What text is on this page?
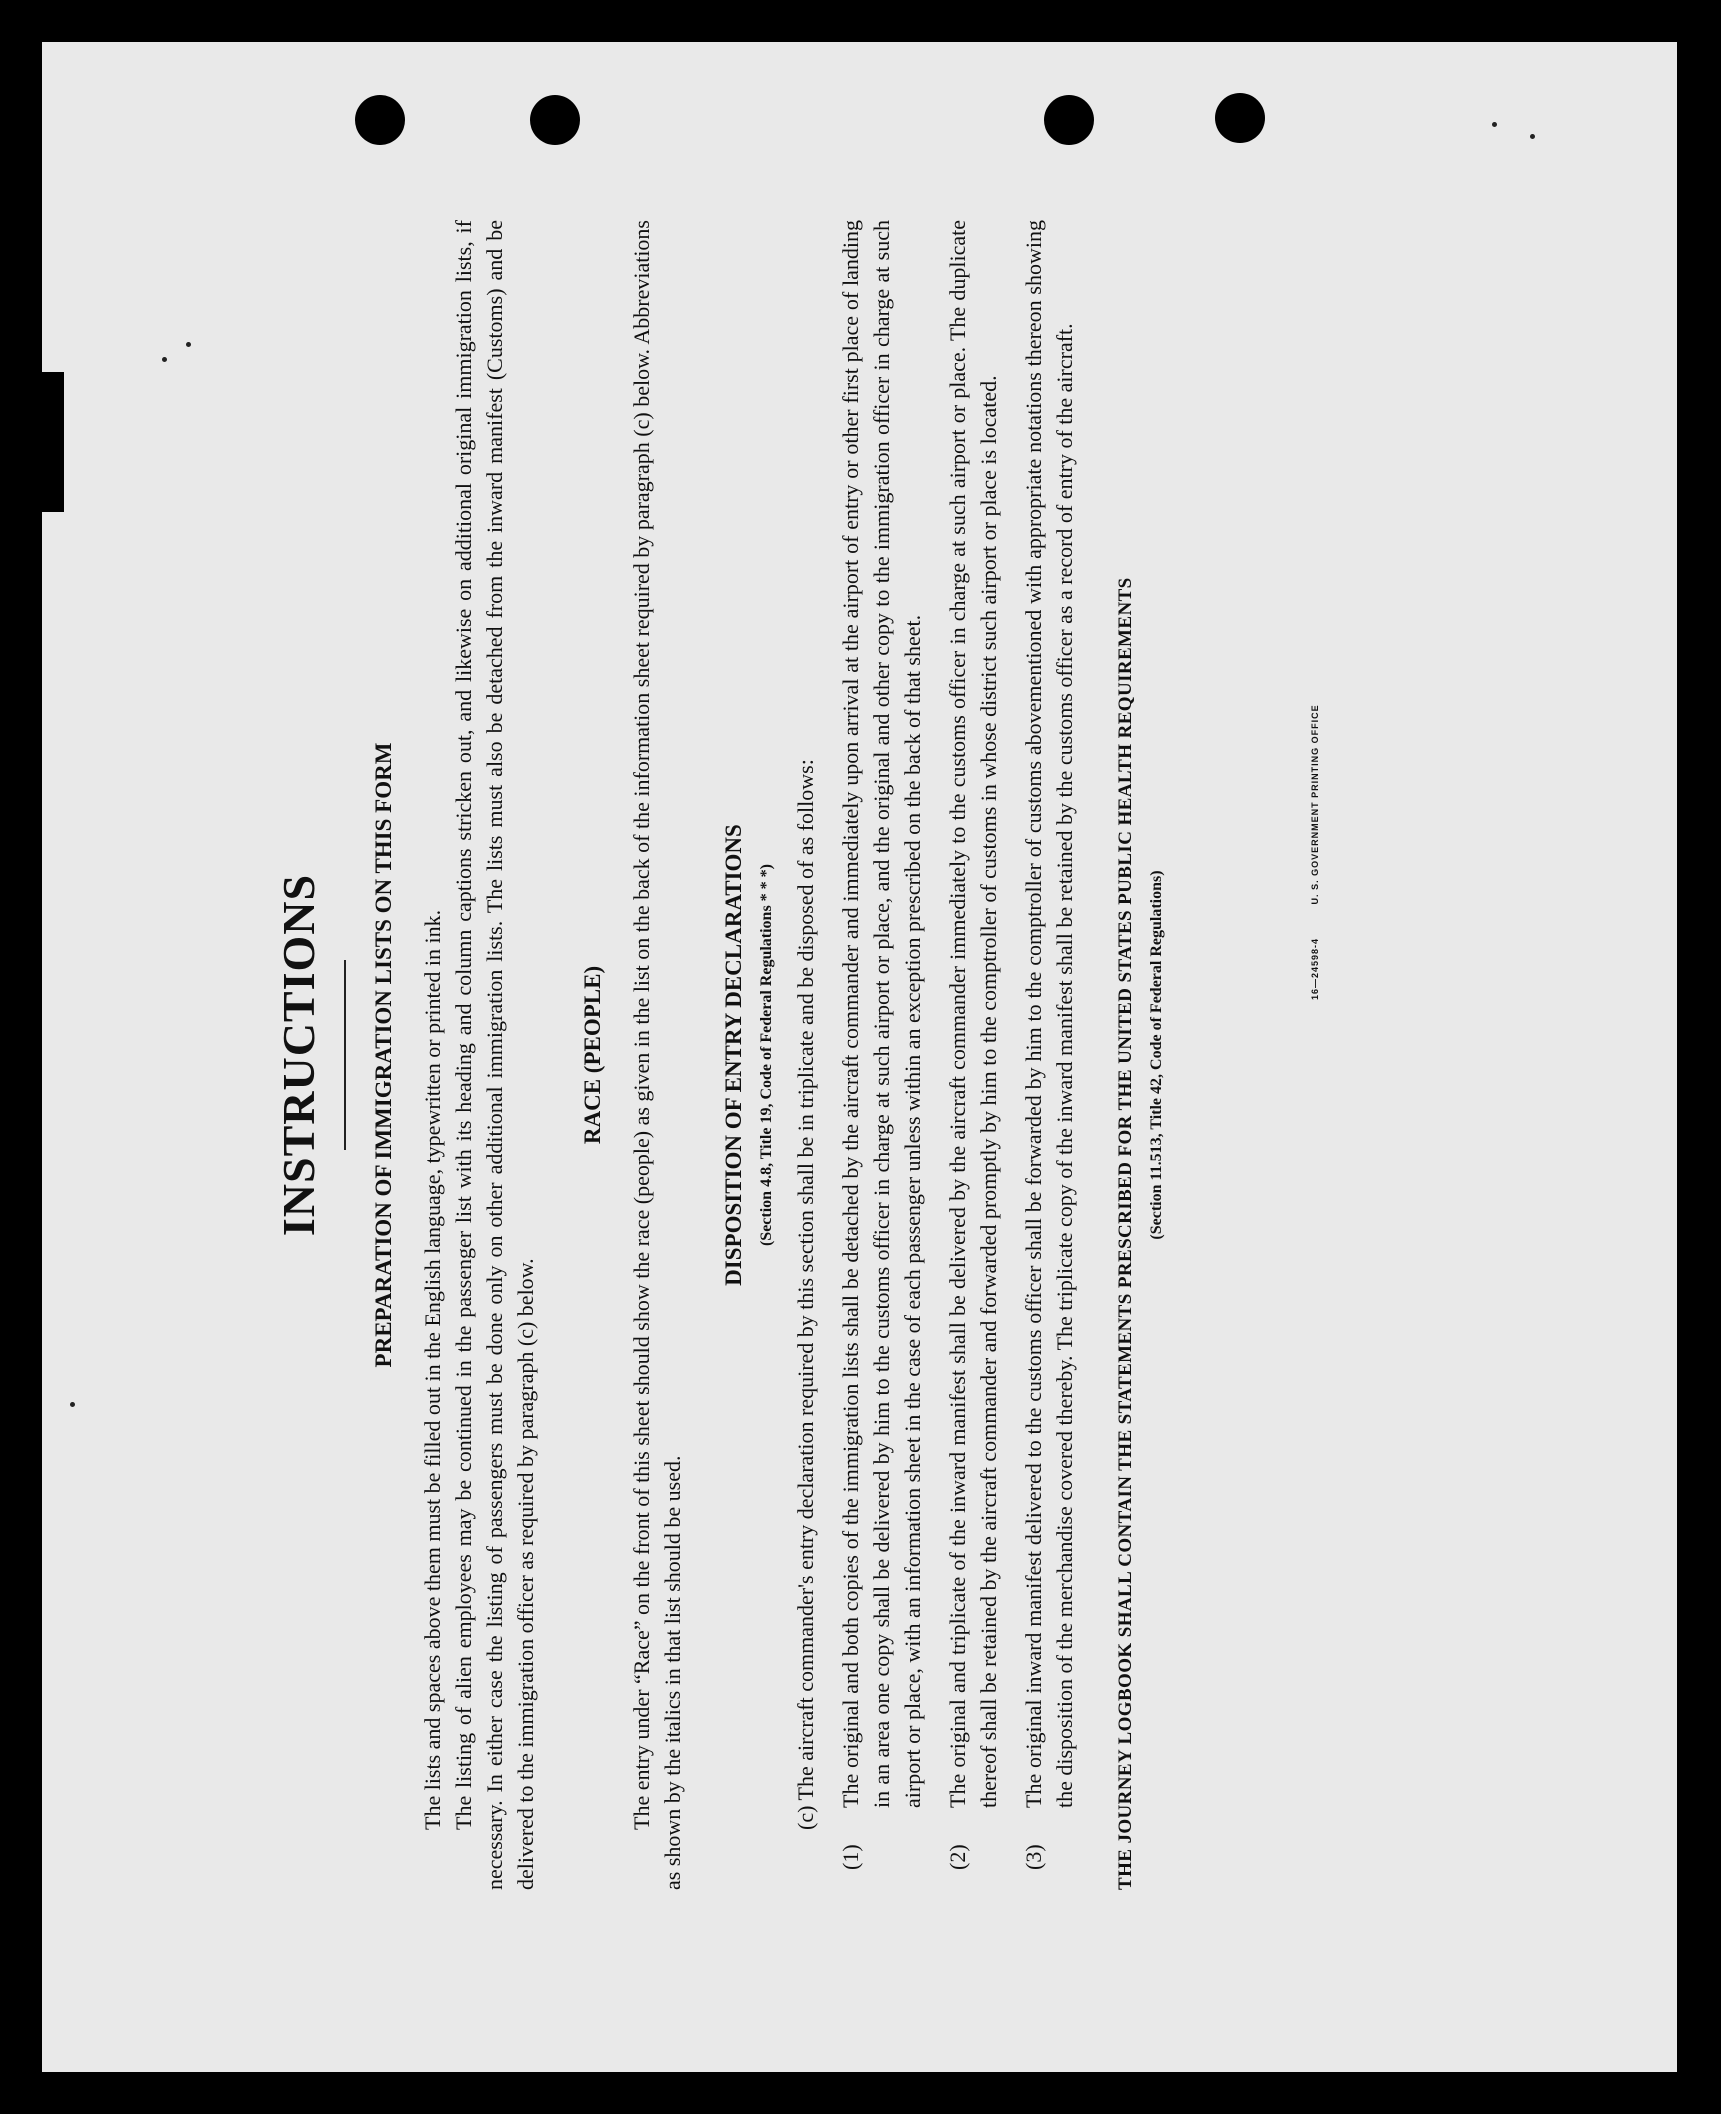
INSTRUCTIONS PREPARATION OF IMMIGRATION LISTS ON THIS FORM The lists and spaces above them must be filled out in the English language, typewritten or printed in ink. The listing of alien employees may be continued in the passenger list with its heading and column captions stricken out, and likewise on additional original immigration lists, if necessary. In either case the listing of passengers must be done only on other additional immigration lists. The lists must also be detached from the inward manifest (Customs) and be delivered to the immigration officer as required by paragraph (c) below.

RACE (PEOPLE) The entry under “Race” on the front of this sheet should show the race (people) as given in the list on the back of the information sheet required by paragraph (c) below. Abbreviations as shown by the italics in that list should be used.

DISPOSITION OF ENTRY DECLARATIONS (Section 4.8, Title 19, Code of Federal Regulations * * *) (c) The aircraft commander's entry declaration required by this section shall be in triplicate and be disposed of as follows:

(1)
The original and both copies of the immigration lists shall be detached by the aircraft commander and immediately upon arrival at the airport of entry or other first place of landing in an area one copy shall be delivered by him to the customs officer in charge at such airport or place, and the original and other copy to the immigration officer in charge at such airport or place, with an information sheet in the case of each passenger unless within an exception prescribed on the back of that sheet.
(2)
The original and triplicate of the inward manifest shall be delivered by the aircraft commander immediately to the customs officer in charge at such airport or place. The duplicate thereof shall be retained by the aircraft commander and forwarded promptly by him to the comptroller of customs in whose district such airport or place is located.
(3)
The original inward manifest delivered to the customs officer shall be forwarded by him to the comptroller of customs abovementioned with appropriate notations thereon showing the disposition of the merchandise covered thereby. The triplicate copy of the inward manifest shall be retained by the customs officer as a record of entry of the aircraft. THE JOURNEY LOGBOOK SHALL CONTAIN THE STATEMENTS PRESCRIBED FOR THE UNITED STATES PUBLIC HEALTH REQUIREMENTS (Section 11.513, Title 42, Code of Federal Regulations)	16—24598-4 U. S. GOVERNMENT PRINTING OFFICE
